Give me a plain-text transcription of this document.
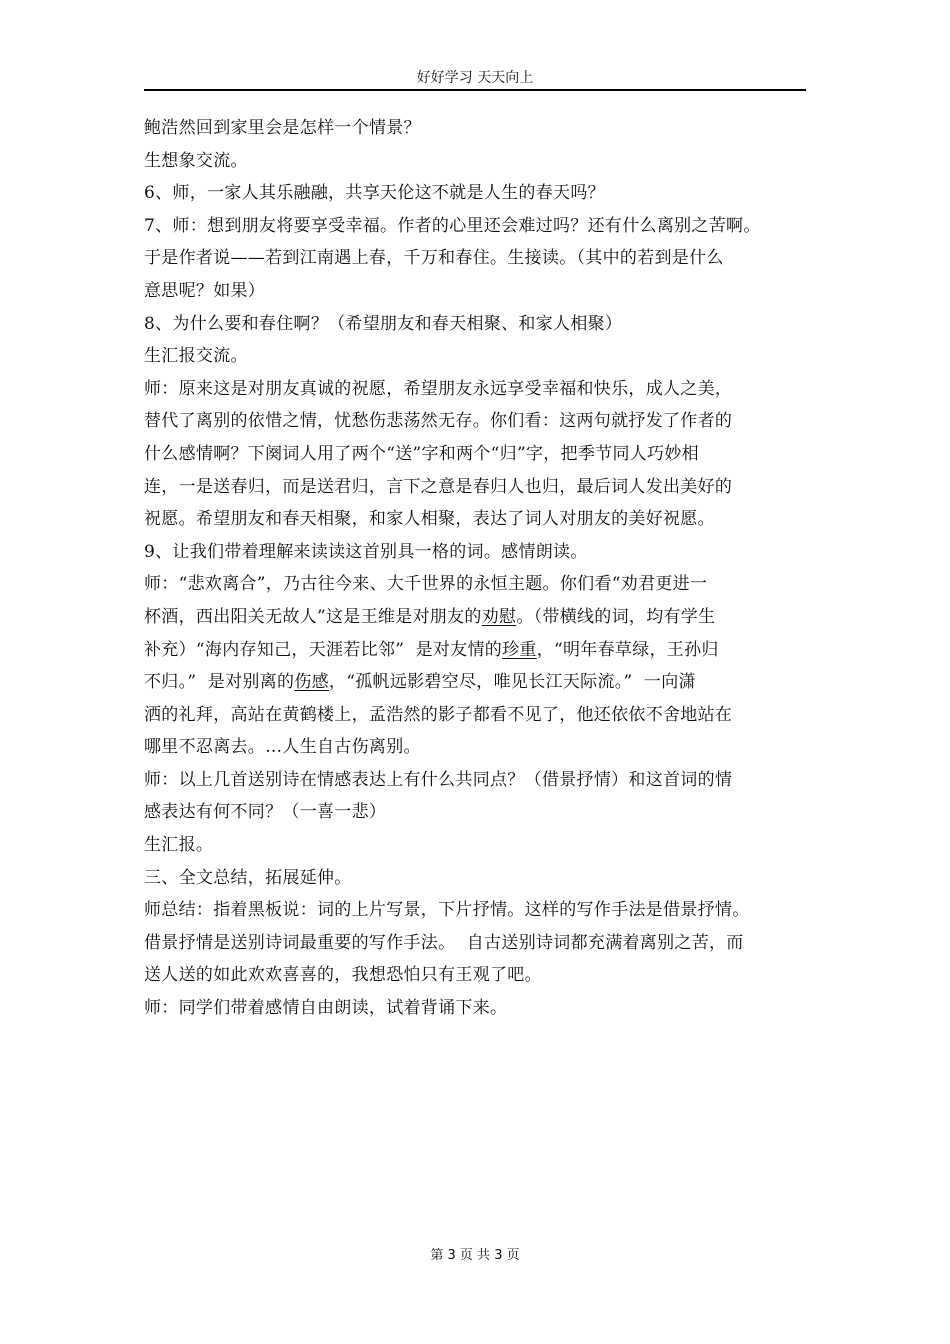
好好学习 天天向上

鲍浩然回到家里会是怎样一个情景？

生想象交流。

6、师，一家人其乐融融，共享天伦这不就是人生的春天吗？

7、师：想到朋友将要享受幸福。作者的心里还会难过吗？还有什么离别之苦啊。

于是作者说——若到江南遇上春，千万和春住。生接读。（其中的若到是什么

意思呢？如果）

8、为什么要和春住啊？（希望朋友和春天相聚、和家人相聚）

生汇报交流。

师：原来这是对朋友真诚的祝愿，希望朋友永远享受幸福和快乐，成人之美，

替代了离别的依惜之情，忧愁伤悲荡然无存。你们看：这两句就抒发了作者的

什么感情啊？下阕词人用了两个“送”字和两个“归”字，把季节同人巧妙相

连，一是送春归，而是送君归，言下之意是春归人也归，最后词人发出美好的

祝愿。希望朋友和春天相聚，和家人相聚，表达了词人对朋友的美好祝愿。

9、让我们带着理解来读读这首别具一格的词。感情朗读。

师：“悲欢离合”，乃古往今来、大千世界的永恒主题。你们看“劝君更进一

杯酒，西出阳关无故人”这是王维是对朋友的劝慰。（带横线的词，均有学生

补充）“海内存知己，天涯若比邻”  是对友情的珍重，“明年春草绿，王孙归

不归。”  是对别离的伤感，“孤帆远影碧空尽，唯见长江天际流。”  一向潇

洒的礼拜，高站在黄鹤楼上，孟浩然的影子都看不见了，他还依依不舍地站在

哪里不忍离去。…人生自古伤离别。

师：以上几首送别诗在情感表达上有什么共同点？（借景抒情）和这首词的情

感表达有何不同？（一喜一悲）

生汇报。

三、全文总结，拓展延伸。

师总结：指着黑板说：词的上片写景，下片抒情。这样的写作手法是借景抒情。

借景抒情是送别诗词最重要的写作手法。  自古送别诗词都充满着离别之苦，而

送人送的如此欢欢喜喜的，我想恐怕只有王观了吧。

师：同学们带着感情自由朗读，试着背诵下来。

第 3 页 共 3 页
